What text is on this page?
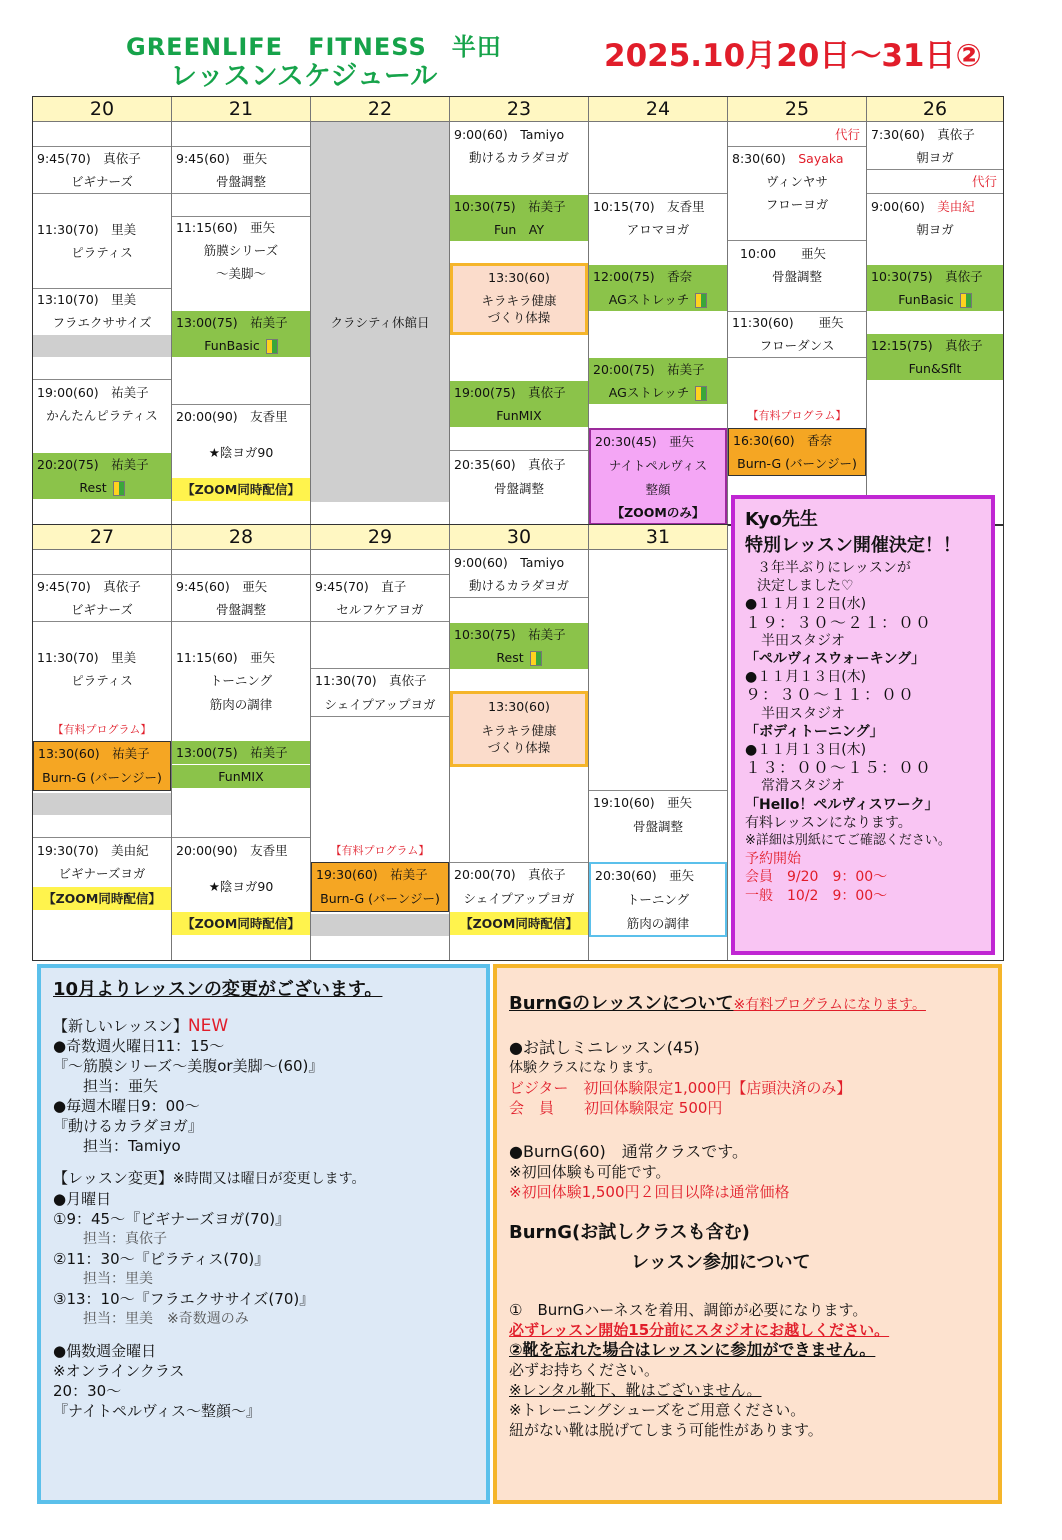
GREENLIFE　FITNESS　半田
レッスンスケジュール
2025.10月20日～31日②
20
9:45(70)　真依子
ビギナーズ
11:30(70)　里美
ピラティス
13:10(70)　里美
フラエクササイズ
19:00(60)　祐美子
かんたんピラティス
20:20(75)　祐美子
Rest
21
9:45(60)　亜矢
骨盤調整
11:15(60)　亜矢
筋膜シリーズ
～美脚～
13:00(75)　祐美子
FunBasic
20:00(90)　友香里
★陰ヨガ90
【ZOOM同時配信】
22
クラシティ休館日
23
9:00(60)　Tamiyo
動けるカラダヨガ
10:30(75)　祐美子
Fun　AY
13:30(60)
キラキラ健康
づくり体操
19:00(75)　真依子
FunMIX
20:35(60)　真依子
骨盤調整
24
10:15(70)　友香里
アロマヨガ
12:00(75)　香奈
AGストレッチ
20:00(75)　祐美子
AGストレッチ
20:30(45)　亜矢
ナイトペルヴィス
整顔
【ZOOMのみ】
25
代行
8:30(60)　 Sayaka
ヴィンヤサ
フローヨガ
10:00　　亜矢
骨盤調整
11:30(60)　　亜矢
フローダンス
【有料プログラム】
16:30(60)　香奈
Burn-G (バーンジー)
26
7:30(60)　真依子
朝ヨガ
代行
9:00(60)　 美由紀
朝ヨガ
10:30(75)　真依子
FunBasic
12:15(75)　真依子
Fun&Sflt
27
9:45(70)　真依子
ビギナーズ
11:30(70)　里美
ピラティス
【有料プログラム】
13:30(60)　祐美子
Burn-G (バーンジー)
19:30(70)　美由紀
ビギナーズヨガ
【ZOOM同時配信】
28
9:45(60)　亜矢
骨盤調整
11:15(60)　亜矢
トーニング
筋肉の調律
13:00(75)　祐美子
FunMIX
20:00(90)　友香里
★陰ヨガ90
【ZOOM同時配信】
29
9:45(70)　直子
セルフケアヨガ
11:30(70)　真依子
シェイプアップヨガ
【有料プログラム】
19:30(60)　祐美子
Burn-G (バーンジー)
30
9:00(60)　Tamiyo
動けるカラダヨガ
10:30(75)　祐美子
Rest
13:30(60)
キラキラ健康
づくり体操
20:00(70)　真依子
シェイプアップヨガ
【ZOOM同時配信】
31
19:10(60)　亜矢
骨盤調整
20:30(60)　亜矢
トーニング
筋肉の調律
Kyo先生
特別レッスン開催決定！！
３年半ぶりにレッスンが
決定しました♡
●１１月１２日(水)
１９：３０～２１：００
半田スタジオ
「ペルヴィスウォーキング」
●１１月１３日(木)
９：３０～１１：００
半田スタジオ
「ボディトーニング」
●１１月１３日(木)
１３：００～１５：００
常滑スタジオ
「Hello！ペルヴィスワーク」
有料レッスンになります。
※詳細は別紙にてご確認ください。
予約開始
会員　9/20　9：00～
一般　10/2　9：00～
10月よりレッスンの変更がございます。
【新しいレッスン】NEW
●奇数週火曜日11：15～
『～筋膜シリーズ～美腹or美脚～(60)』
担当：亜矢
●毎週木曜日9：00～
『動けるカラダヨガ』
担当：Tamiyo
【レッスン変更】※時間又は曜日が変更します。
●月曜日
①9：45～『ビギナーズヨガ(70)』
担当：真依子
②11：30～『ピラティス(70)』
担当：里美
③13：10～『フラエクササイズ(70)』
担当：里美　※奇数週のみ
●偶数週金曜日
※オンラインクラス
20：30～
『ナイトペルヴィス～整顔～』
BurnGのレッスンについて※有料プログラムになります。
●お試しミニレッスン(45)
体験クラスになります。
ビジター　初回体験限定1,000円【店頭決済のみ】
会　員　　初回体験限定 500円
●BurnG(60)　通常クラスです。
※初回体験も可能です。
※初回体験1,500円２回目以降は通常価格
BurnG(お試しクラスも含む)
レッスン参加について
①　BurnGハーネスを着用、調節が必要になります。
必ずレッスン開始15分前にスタジオにお越しください。
②靴を忘れた場合はレッスンに参加ができません。
必ずお持ちください。
※レンタル靴下、靴はございません。
※トレーニングシューズをご用意ください。
紐がない靴は脱げてしまう可能性があります。
